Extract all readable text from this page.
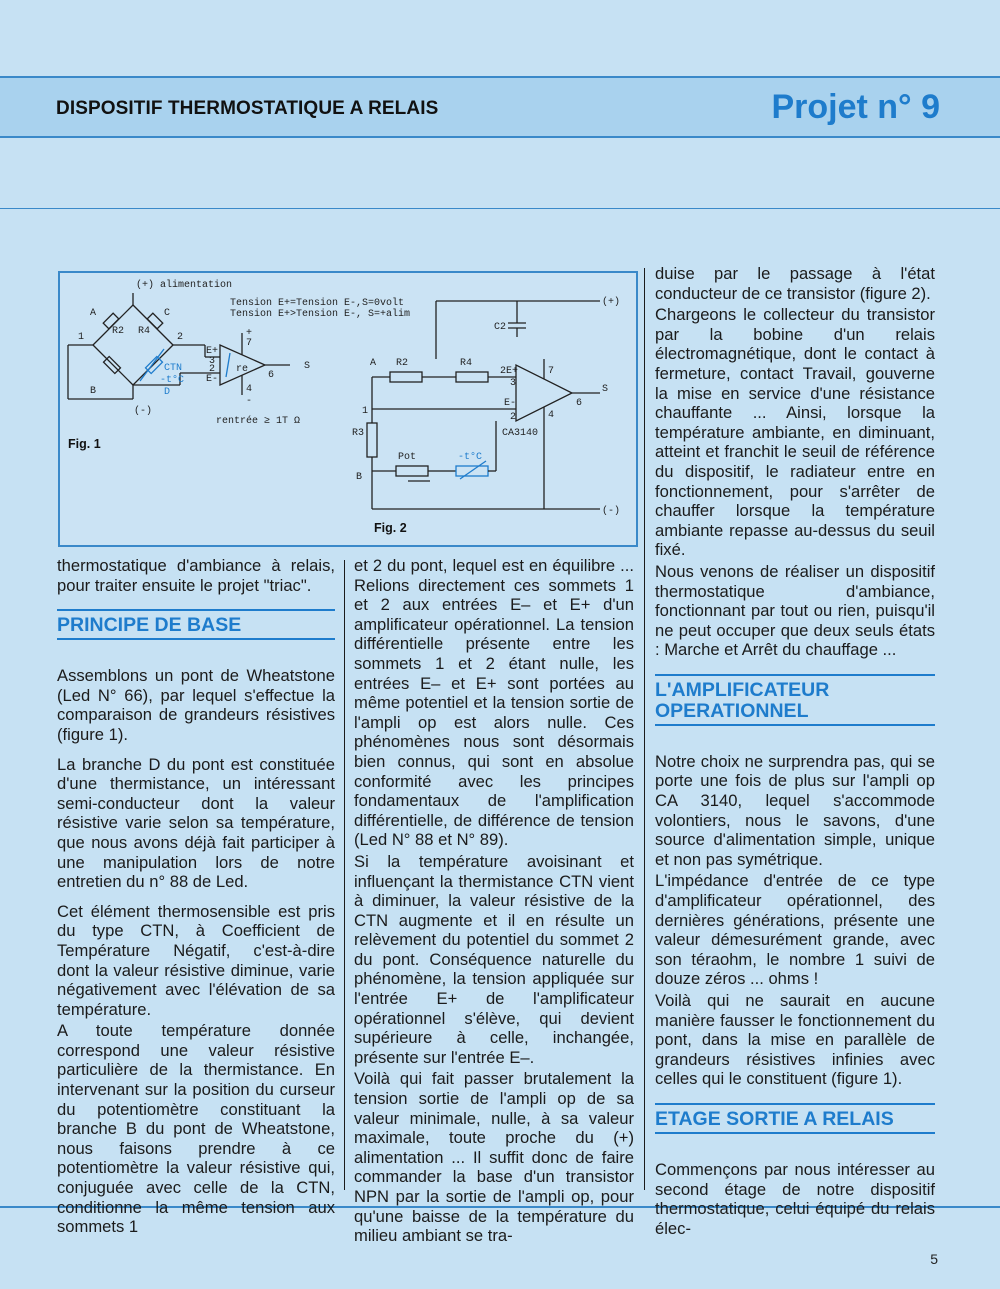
DISPOSITIF THERMOSTATIQUE A RELAIS	Projet n° 9
(+) alimentation
Tension E+=Tension E-,S=0volt
Tension E+>Tension E-, S=+alim
A	C
R2 R4
1	2
B
CTN
-t°C
D
E+
E-
3
2 re
+
7
6
4
-
S
(-)
rentrée ≥ 1T Ω
(+)
C2
A R2	R4
2E+
3
E-
2
7
6
4
S
1
R3
B
Pot	-t°C
CA3140
(-)
Fig. 1
Fig. 2

thermostatique d'ambiance à relais, pour traiter ensuite le projet "triac".

PRINCIPE DE BASE

Assemblons un pont de Wheatstone (Led N° 66), par lequel s'effectue la comparaison de grandeurs résistives (figure 1).

La branche D du pont est constituée d'une thermistance, un intéressant semi-conducteur dont la valeur résistive varie selon sa température, que nous avons déjà fait participer à une manipulation lors de notre entretien du n° 88 de Led.

Cet élément thermosensible est pris du type CTN, à Coefficient de Température Négatif, c'est-à-dire dont la valeur résistive diminue, varie négativement avec l'élévation de sa température.

A toute température donnée correspond une valeur résistive particulière de la thermistance. En intervenant sur la position du curseur du potentiomètre constituant la branche B du pont de Wheatstone, nous faisons prendre à ce potentiomètre la valeur résistive qui, conjuguée avec celle de la CTN, conditionne la même tension aux sommets 1

et 2 du pont, lequel est en équilibre ... Relions directement ces sommets 1 et 2 aux entrées E– et E+ d'un amplificateur opérationnel. La tension différentielle présente entre les sommets 1 et 2 étant nulle, les entrées E– et E+ sont portées au même potentiel et la tension sortie de l'ampli op est alors nulle. Ces phénomènes nous sont désormais bien connus, qui sont en absolue conformité avec les principes fondamentaux de l'amplification différentielle, de différence de tension (Led N° 88 et N° 89).

Si la température avoisinant et influençant la thermistance CTN vient à diminuer, la valeur résistive de la CTN augmente et il en résulte un relèvement du potentiel du sommet 2 du pont. Conséquence naturelle du phénomène, la tension appliquée sur l'entrée E+ de l'amplificateur opérationnel s'élève, qui devient supérieure à celle, inchangée, présente sur l'entrée E–.

Voilà qui fait passer brutalement la tension sortie de l'ampli op de sa valeur minimale, nulle, à sa valeur maximale, toute proche du (+) alimentation ... Il suffit donc de faire commander la base d'un transistor NPN par la sortie de l'ampli op, pour qu'une baisse de la température du milieu ambiant se tra-

duise par le passage à l'état conducteur de ce transistor (figure 2).

Chargeons le collecteur du transistor par la bobine d'un relais électromagnétique, dont le contact à fermeture, contact Travail, gouverne la mise en service d'une résistance chauffante ... Ainsi, lorsque la température ambiante, en diminuant, atteint et franchit le seuil de référence du dispositif, le radiateur entre en fonctionnement, pour s'arrêter de chauffer lorsque la température ambiante repasse au-dessus du seuil fixé.

Nous venons de réaliser un dispositif thermostatique d'ambiance, fonctionnant par tout ou rien, puisqu'il ne peut occuper que deux seuls états : Marche et Arrêt du chauffage ...

L'AMPLIFICATEUR OPERATIONNEL

Notre choix ne surprendra pas, qui se porte une fois de plus sur l'ampli op CA 3140, lequel s'accommode volontiers, nous le savons, d'une source d'alimentation simple, unique et non pas symétrique.

L'impédance d'entrée de ce type d'amplificateur opérationnel, des dernières générations, présente une valeur démesurément grande, avec son téraohm, le nombre 1 suivi de douze zéros ... ohms !

Voilà qui ne saurait en aucune manière fausser le fonctionnement du pont, dans la mise en parallèle de grandeurs résistives infinies avec celles qui le constituent (figure 1).

ETAGE SORTIE A RELAIS

Commençons par nous intéresser au second étage de notre dispositif thermostatique, celui équipé du relais élec-

5
